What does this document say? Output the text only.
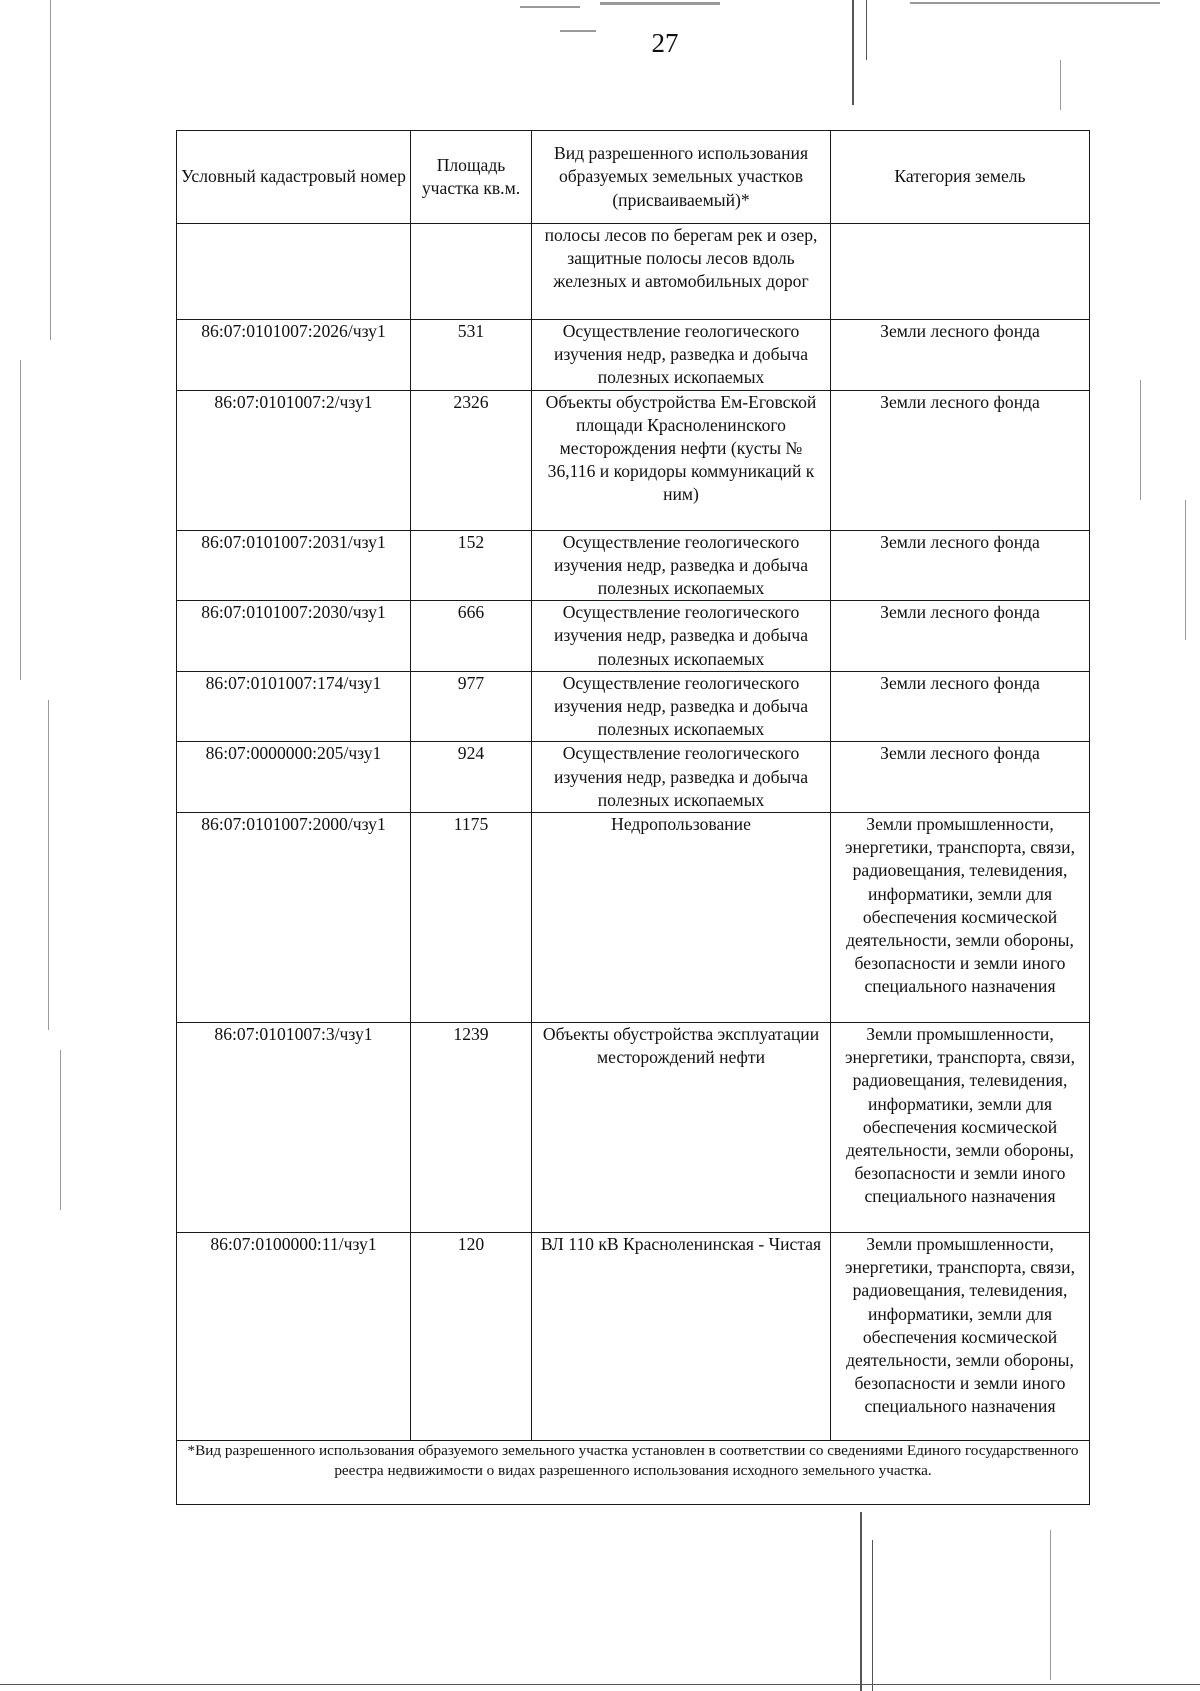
27
Условный кадастровый номер	Площадь участка кв.м.	Вид разрешенного использования образуемых земельных участков (присваиваемый)*	Категория земель
		полосы лесов по берегам рек и озер, защитные полосы лесов вдоль железных и автомобильных дорог	
86:07:0101007:2026/чзу1	531	Осуществление геологического изучения недр, разведка и добыча полезных ископаемых	Земли лесного фонда
86:07:0101007:2/чзу1	2326	Объекты обустройства Ем-Еговской площади Красноленинского месторождения нефти (кусты № 36,116 и коридоры коммуникаций к ним)	Земли лесного фонда
86:07:0101007:2031/чзу1	152	Осуществление геологического изучения недр, разведка и добыча полезных ископаемых	Земли лесного фонда
86:07:0101007:2030/чзу1	666	Осуществление геологического изучения недр, разведка и добыча полезных ископаемых	Земли лесного фонда
86:07:0101007:174/чзу1	977	Осуществление геологического изучения недр, разведка и добыча полезных ископаемых	Земли лесного фонда
86:07:0000000:205/чзу1	924	Осуществление геологического изучения недр, разведка и добыча полезных ископаемых	Земли лесного фонда
86:07:0101007:2000/чзу1	1175	Недропользование	Земли промышленности, энергетики, транспорта, связи, радиовещания, телевидения, информатики, земли для обеспечения космической деятельности, земли обороны, безопасности и земли иного специального назначения
86:07:0101007:3/чзу1	1239	Объекты обустройства эксплуатации месторождений нефти	Земли промышленности, энергетики, транспорта, связи, радиовещания, телевидения, информатики, земли для обеспечения космической деятельности, земли обороны, безопасности и земли иного специального назначения
86:07:0100000:11/чзу1	120	ВЛ 110 кВ Красноленинская - Чистая	Земли промышленности, энергетики, транспорта, связи, радиовещания, телевидения, информатики, земли для обеспечения космической деятельности, земли обороны, безопасности и земли иного специального назначения
*Вид разрешенного использования образуемого земельного участка установлен в соответствии со сведениями Единого государственного реестра недвижимости о видах разрешенного использования исходного земельного участка.			
